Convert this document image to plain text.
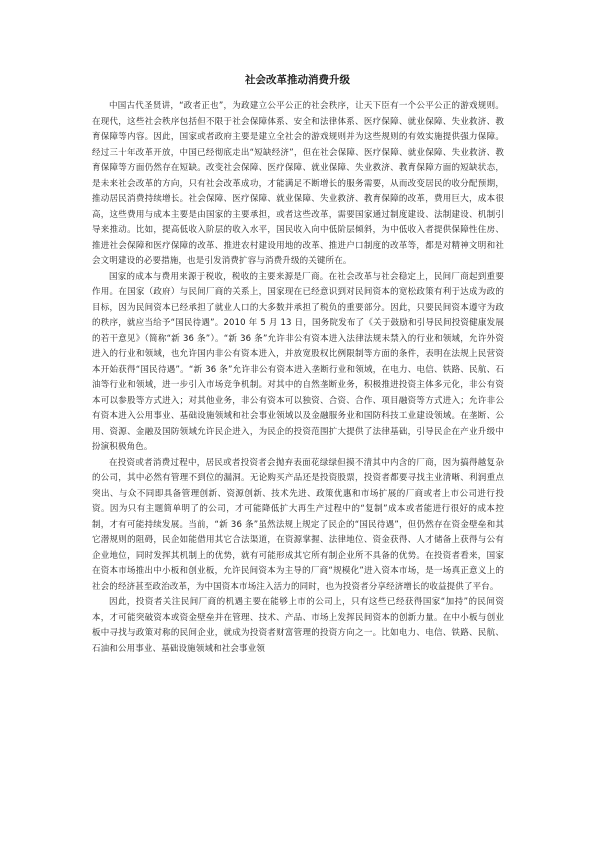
社会改革推动消费升级

中国古代圣贤讲，“政者正也”，为政建立公平公正的社会秩序，让天下臣有一个公平公正的游戏规则。在现代，这些社会秩序包括但不限于社会保障体系、安全和法律体系、医疗保障、就业保障、失业救济、教育保障等内容。因此，国家或者政府主要是建立全社会的游戏规则并为这些规则的有效实施提供强力保障。经过三十年改革开放，中国已经彻底走出“短缺经济”，但在社会保障、医疗保障、就业保障、失业救济、教育保障等方面仍然存在短缺。改变社会保障、医疗保障、就业保障、失业救济、教育保障方面的短缺状态，是未来社会改革的方向，只有社会改革成功，才能满足不断增长的服务需要，从而改变居民的收分配预期，推动居民消费持续增长。社会保障、医疗保障、就业保障、失业救济、教育保障的改革，费用巨大，成本很高，这些费用与成本主要是由国家的主要承担，或者这些改革，需要国家通过制度建设、法制建设、机制引导来推动。比如，提高低收入阶层的收入水平，国民收入向中低阶层倾斜，为中低收入者提供保障性住房、推进社会保障和医疗保障的改革、推进农村建设用地的改革、推进户口制度的改革等，都是对精神文明和社会文明建设的必要措施，也是引发消费扩容与消费升级的关键所在。

国家的成本与费用来源于税收，税收的主要来源是厂商。在社会改革与社会稳定上，民间厂商起到重要作用。在国家（政府）与民间厂商的关系上，国家现在已经意识到对民间资本的宽松政策有利于达成为政的目标，因为民间资本已经承担了就业人口的大多数并承担了税负的重要部分。因此，只要民间资本遵守为政的秩序，就应当给予“国民待遇”。2010 年 5 月 13 日，国务院发布了《关于鼓励和引导民间投资健康发展的若干意见》（简称“新 36 条”）。“新 36 条”允许非公有资本进入法律法规未禁入的行业和领域，允许外资进入的行业和领域，也允许国内非公有资本进入，并放宽股权比例限制等方面的条件，表明在法规上民营资本开始获得“国民待遇”。“新 36 条”允许非公有资本进入垄断行业和领域，在电力、电信、铁路、民航、石油等行业和领域，进一步引入市场竞争机制。对其中的自然垄断业务，积极推进投资主体多元化，非公有资本可以参股等方式进入；对其他业务，非公有资本可以独资、合资、合作、项目融资等方式进入；允许非公有资本进入公用事业、基础设施领域和社会事业领域以及金融服务业和国防科技工业建设领域。在垄断、公用、资源、金融及国防领域允许民企进入，为民企的投资范围扩大提供了法律基础，引导民企在产业升级中扮演积极角色。

在投资或者消费过程中，居民或者投资者会抛弃表面花绿绿但摸不清其中内含的厂商，因为搞得越复杂的公司，其中必然有管理不到位的漏洞。无论购买产品还是投资股票，投资者都要寻找主业清晰、利润重点突出、与众不同即具备管理创新、资源创新、技术先进、政策优惠和市场扩展的厂商或者上市公司进行投资。因为只有主题简单明了的公司，才可能降低扩大再生产过程中的“复制”成本或者能进行很好的成本控制，才有可能持续发展。当前，“新 36 条”虽然法规上规定了民企的“国民待遇”，但仍然存在资金壁垒和其它潜规则的阻碍，民企如能借用其它合法渠道，在资源掌握、法律地位、资金获得、人才储备上获得与公有企业地位，同时发挥其机制上的优势，就有可能形成其它所有制企业所不具备的优势。在投资者看来，国家在资本市场推出中小板和创业板，允许民间资本为主导的厂商“规模化”进入资本市场，是一场真正意义上的社会的经济甚至政治改革，为中国资本市场注入活力的同时，也为投资者分享经济增长的收益提供了平台。

因此，投资者关注民间厂商的机遇主要在能够上市的公司上，只有这些已经获得国家“加持”的民间资本，才可能突破资本或资金壁垒并在管理、技术、产品、市场上发挥民间资本的创新力量。在中小板与创业板中寻找与政策对称的民间企业，就成为投资者财富管理的投资方向之一。比如电力、电信、铁路、民航、石油和公用事业、基础设施领域和社会事业领
